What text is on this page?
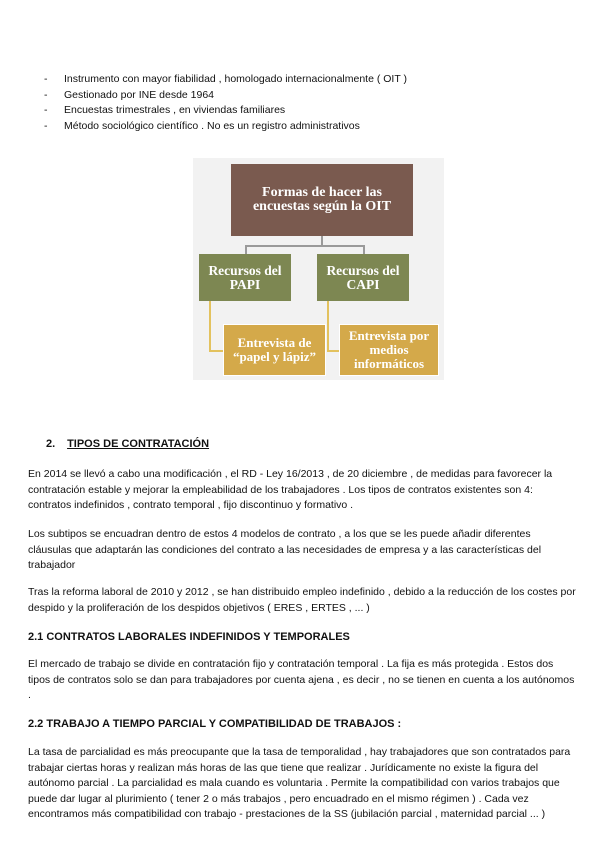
- Instrumento con mayor fiabilidad , homologado internacionalmente ( OIT )
- Gestionado por INE desde 1964
- Encuestas trimestrales , en viviendas familiares
- Método sociológico científico . No es un registro administrativos
Formas de hacer las encuestas según la OIT
Recursos del PAPI
Recursos del CAPI
Entrevista de “papel y lápiz”
Entrevista por medios informáticos
2. TIPOS DE CONTRATACIÓN

En 2014 se llevó a cabo una modificación , el RD - Ley 16/2013 , de 20 diciembre , de medidas para favorecer la contratación estable y mejorar la empleabilidad de los trabajadores . Los tipos de contratos existentes son 4: contratos indefinidos , contrato temporal , fijo discontinuo y formativo .

Los subtipos se encuadran dentro de estos 4 modelos de contrato , a los que se les puede añadir diferentes cláusulas que adaptarán las condiciones del contrato a las necesidades de empresa y a las características del trabajador

Tras la reforma laboral de 2010 y 2012 , se han distribuido empleo indefinido , debido a la reducción de los costes por despido y la proliferación de los despidos objetivos ( ERES , ERTES , ... )

2.1 CONTRATOS LABORALES INDEFINIDOS Y TEMPORALES

El mercado de trabajo se divide en contratación fijo y contratación temporal . La fija es más protegida . Estos dos tipos de contratos solo se dan para trabajadores por cuenta ajena , es decir , no se tienen en cuenta a los autónomos .

2.2 TRABAJO A TIEMPO PARCIAL Y COMPATIBILIDAD DE TRABAJOS :

La tasa de parcialidad es más preocupante que la tasa de temporalidad , hay trabajadores que son contratados para trabajar ciertas horas y realizan más horas de las que tiene que realizar . Jurídicamente no existe la figura del autónomo parcial . La parcialidad es mala cuando es voluntaria . Permite la compatibilidad con varios trabajos que puede dar lugar al plurimiento ( tener 2 o más trabajos , pero encuadrado en el mismo régimen ) . Cada vez encontramos más compatibilidad con trabajo - prestaciones de la SS (jubilación parcial , maternidad parcial ... )
